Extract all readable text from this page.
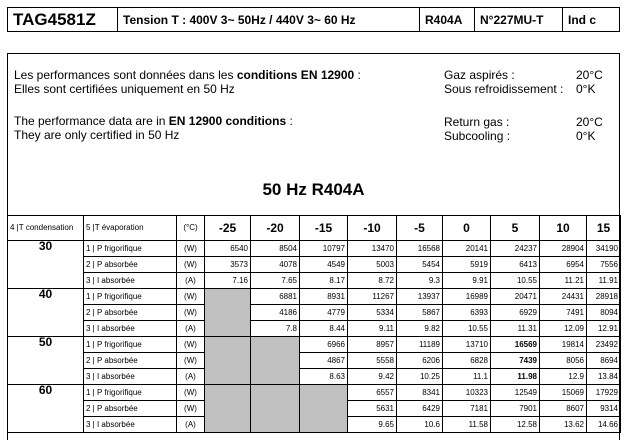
TAG4581Z	Tension T : 400V 3~ 50Hz / 440V 3~ 60 Hz	R404A	N°227MU-T	Ind c
Les performances sont données dans les conditions EN 12900 :
Elles sont certifiées uniquement en 50 Hz
The performance data are in EN 12900 conditions :
They are only certified in 50 Hz
Gaz aspirés :	20°C
Sous refroidissement : 0°K
Return gas :	20°C
Subcooling :	0°K
50 Hz R404A
4 |T condensation	5 |T évaporation	(°C)	-25	-20	-15	-10	-5	0	5	10	15
30	1 | P frigorifique	(W)	6540	8504	10797	13470	16568	20141	24237	28904	34190
	2 | P absorbée	(W)	3573	4078	4549	5003	5454	5919	6413	6954	7556
	3 | I absorbée	(A)	7.16	7.65	8.17	8.72	9.3	9.91	10.55	11.21	11.91
40	1 | P frigorifique	(W)		6881	8931	11267	13937	16989	20471	24431	28918
	2 | P absorbée	(W)		4186	4779	5334	5867	6393	6929	7491	8094
	3 | I absorbée	(A)		7.8	8.44	9.11	9.82	10.55	11.31	12.09	12.91
50	1 | P frigorifique	(W)			6966	8957	11189	13710	16569	19814	23492
	2 | P absorbée	(W)			4867	5558	6206	6828	7439	8056	8694
	3 | I absorbée	(A)			8.63	9.42	10.25	11.1	11.98	12.9	13.84
60	1 | P frigorifique	(W)				6557	8341	10323	12549	15069	17929
	2 | P absorbée	(W)				5631	6429	7181	7901	8607	9314
	3 | I absorbée	(A)				9.65	10.6	11.58	12.58	13.62	14.66
